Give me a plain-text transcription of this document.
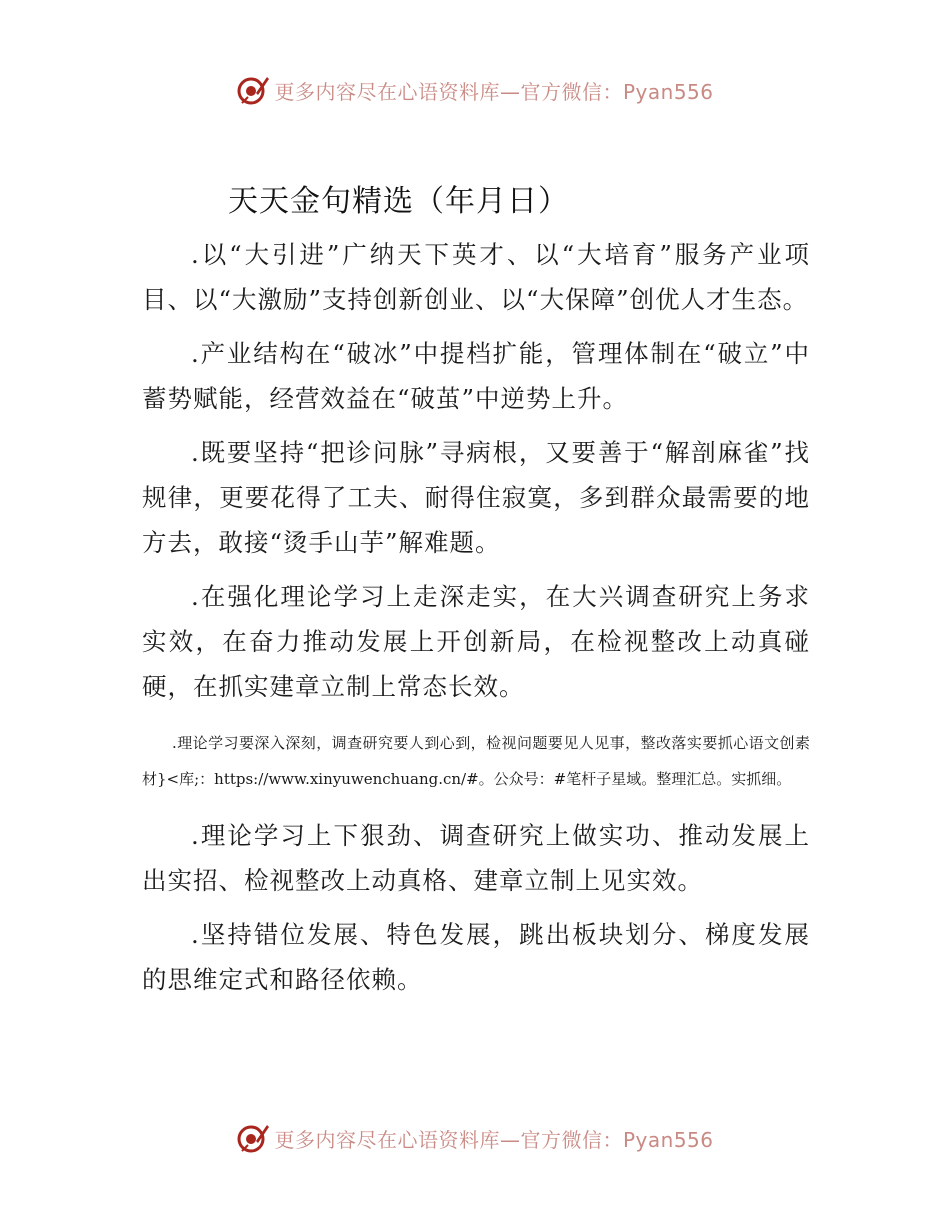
更多内容尽在心语资料库—官方微信：Pyan556
天天金句精选（年月日）

.以“大引进”广纳天下英才、以“大培育”服务产业项目、以“大激励”支持创新创业、以“大保障”创优人才生态。

.产业结构在“破冰”中提档扩能，管理体制在“破立”中蓄势赋能，经营效益在“破茧”中逆势上升。

.既要坚持“把诊问脉”寻病根，又要善于“解剖麻雀”找规律，更要花得了工夫、耐得住寂寞，多到群众最需要的地方去，敢接“烫手山芋”解难题。

.在强化理论学习上走深走实，在大兴调查研究上务求实效，在奋力推动发展上开创新局，在检视整改上动真碰硬，在抓实建章立制上常态长效。

.理论学习要深入深刻，调查研究要人到心到，检视问题要见人见事，整改落实要抓心语文创素材}<库;：https://www.xinyuwenchuang.cn/#。公众号：#笔杆子星域。整理汇总。实抓细。

.理论学习上下狠劲、调查研究上做实功、推动发展上出实招、检视整改上动真格、建章立制上见实效。

.坚持错位发展、特色发展，跳出板块划分、梯度发展的思维定式和路径依赖。

更多内容尽在心语资料库—官方微信：Pyan556
